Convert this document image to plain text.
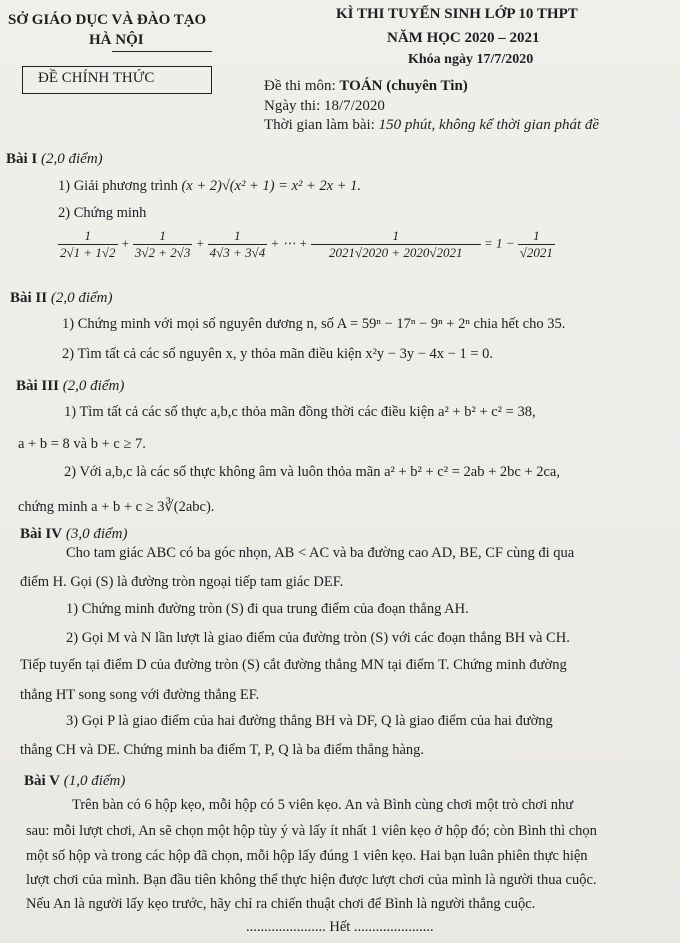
SỞ GIÁO DỤC VÀ ĐÀO TẠO
HÀ NỘI
ĐỀ CHÍNH THỨC
KÌ THI TUYỂN SINH LỚP 10 THPT
NĂM HỌC 2020 – 2021
Khóa ngày 17/7/2020
Đề thi môn: TOÁN (chuyên Tin)
Ngày thi: 18/7/2020
Thời gian làm bài: 150 phút, không kể thời gian phát đề
Bài I (2,0 điểm)
1) Giải phương trình (x + 2)√(x² + 1) = x² + 2x + 1.
2) Chứng minh
$\frac{1}{2√1 + 1√2} + \frac{1}{3√2 + 2√3} + \frac{1}{4√3 + 3√4}$ + ⋯ + $\frac{1}{2021√2020 + 2020√2021} = 1 - \frac{1}{√2021}$
Bài II (2,0 điểm)
1) Chứng minh với mọi số nguyên dương n, số A = 59ⁿ − 17ⁿ − 9ⁿ + 2ⁿ chia hết cho 35.
2) Tìm tất cả các số nguyên x, y thỏa mãn điều kiện x²y − 3y − 4x − 1 = 0.
Bài III (2,0 điểm)
1) Tìm tất cả các số thực a,b,c thỏa mãn đồng thời các điều kiện a² + b² + c² = 38,
a + b = 8 và b + c ≥ 7.
2) Với a,b,c là các số thực không âm và luôn thỏa mãn a² + b² + c² = 2ab + 2bc + 2ca,
chứng minh a + b + c ≥ 3∛(2abc).
Bài IV (3,0 điểm)
Cho tam giác ABC có ba góc nhọn, AB < AC và ba đường cao AD, BE, CF cùng đi qua
điểm H. Gọi (S) là đường tròn ngoại tiếp tam giác DEF.
1) Chứng minh đường tròn (S) đi qua trung điểm của đoạn thẳng AH.
2) Gọi M và N lần lượt là giao điểm của đường tròn (S) với các đoạn thẳng BH và CH.
Tiếp tuyến tại điểm D của đường tròn (S) cắt đường thẳng MN tại điểm T. Chứng minh đường
thẳng HT song song với đường thẳng EF.
3) Gọi P là giao điểm của hai đường thẳng BH và DF, Q là giao điểm của hai đường
thẳng CH và DE. Chứng minh ba điểm T, P, Q là ba điểm thẳng hàng.
Bài V (1,0 điểm)
Trên bàn có 6 hộp kẹo, mỗi hộp có 5 viên kẹo. An và Bình cùng chơi một trò chơi như
sau: mỗi lượt chơi, An sẽ chọn một hộp tùy ý và lấy ít nhất 1 viên kẹo ở hộp đó; còn Bình thì chọn
một số hộp và trong các hộp đã chọn, mỗi hộp lấy đúng 1 viên kẹo. Hai bạn luân phiên thực hiện
lượt chơi của mình. Bạn đầu tiên không thể thực hiện được lượt chơi của mình là người thua cuộc.
Nếu An là người lấy kẹo trước, hãy chỉ ra chiến thuật chơi để Bình là người thắng cuộc.
...................... Hết ......................
